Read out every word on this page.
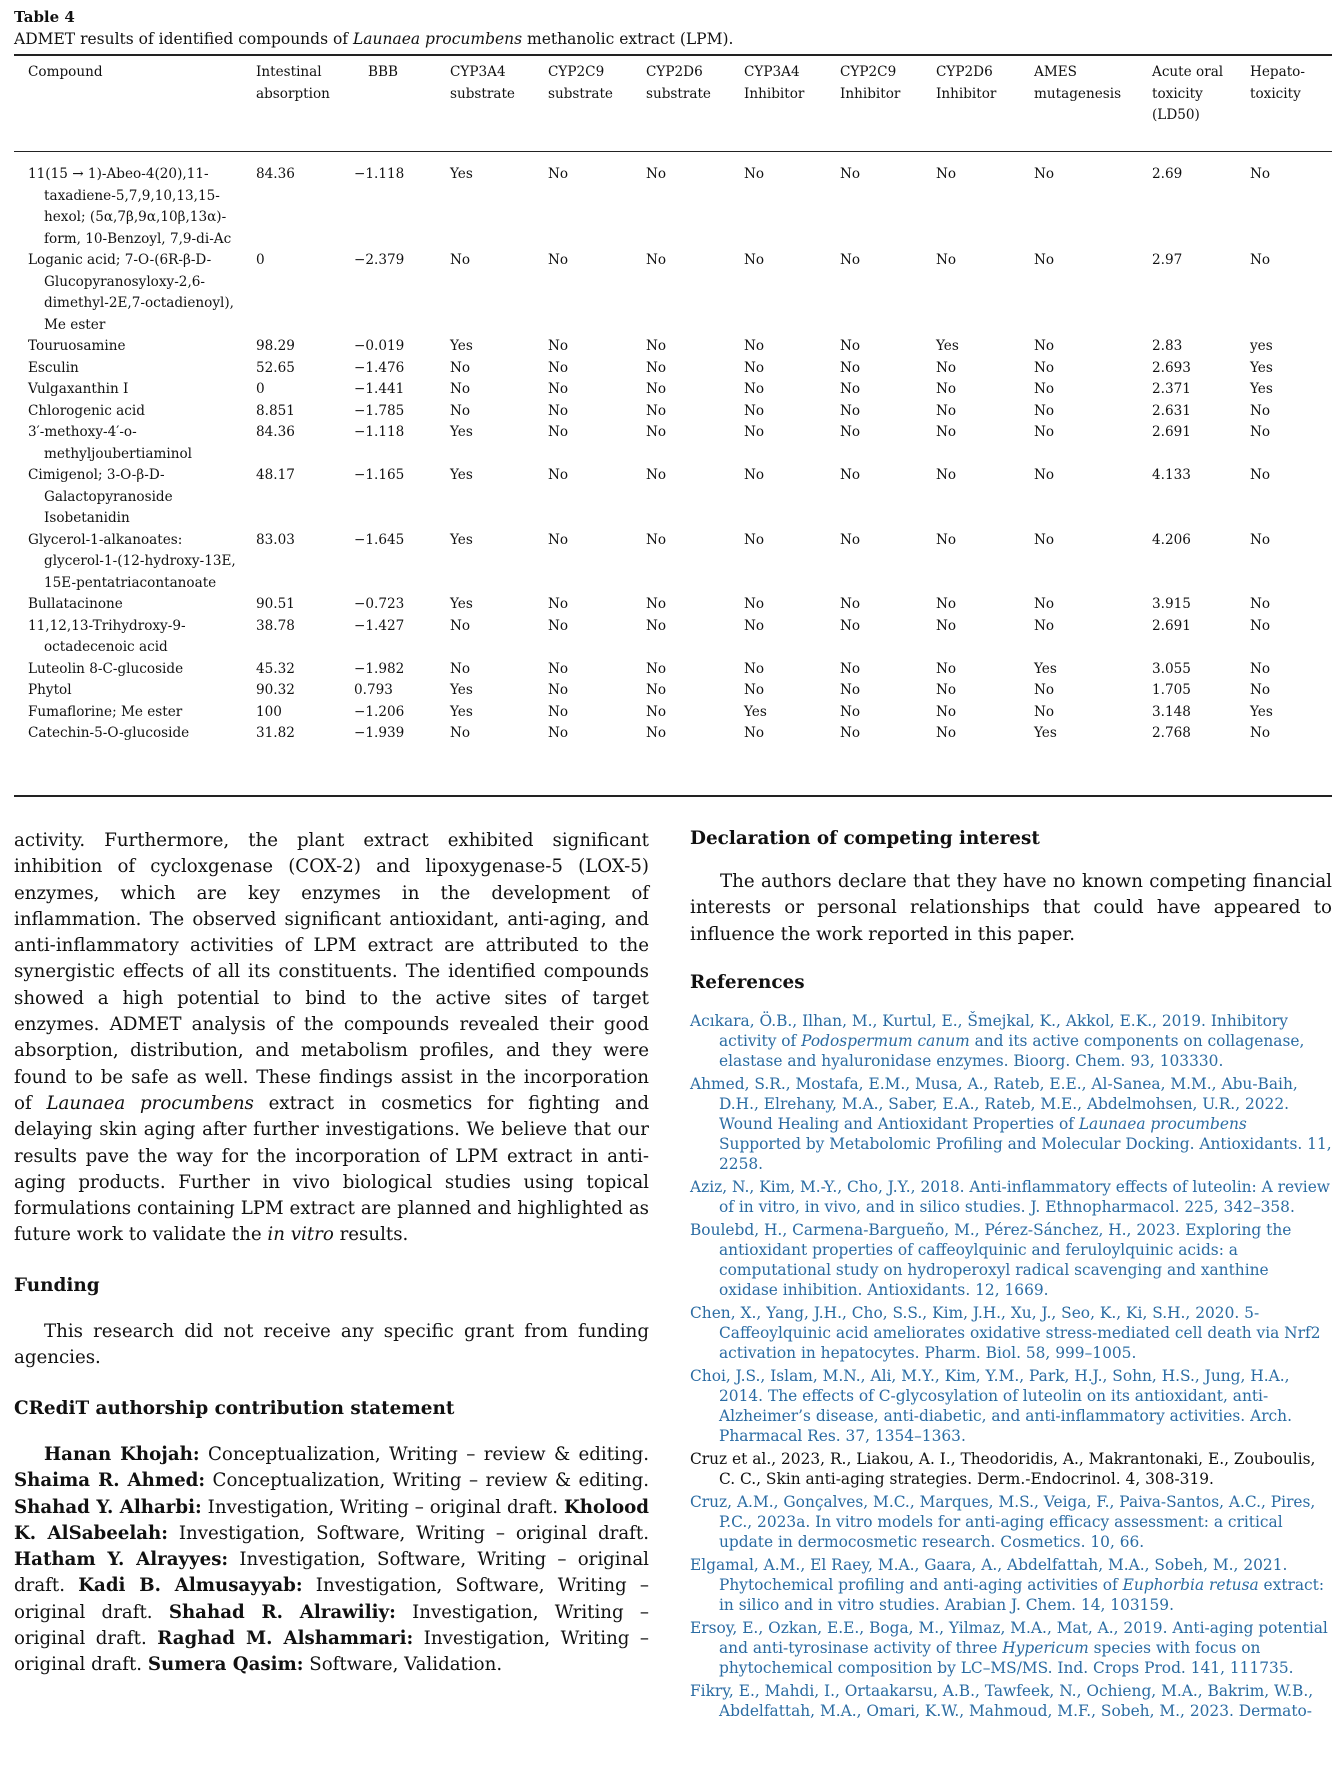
Table 4
ADMET results of identified compounds of Launaea procumbens methanolic extract (LPM).
Compound	Intestinal absorption	BBB	CYP3A4 substrate	CYP2C9 substrate	CYP2D6 substrate	CYP3A4 Inhibitor	CYP2C9 Inhibitor	CYP2D6 Inhibitor	AMES mutagenesis	Acute oral toxicity (LD50)	Hepato-toxicity

11(15 → 1)-Abeo-4(20),11-taxadiene-5,7,9,10,13,15-hexol; (5α,7β,9α,10β,13α)-form, 10-Benzoyl, 7,9-di-Ac	84.36	−1.118	Yes	No	No	No	No	No	No	2.69	No

Loganic acid; 7-O-(6R-β-D-Glucopyranosyloxy-2,6-dimethyl-2E,7-octadienoyl), Me ester	0	−2.379	No	No	No	No	No	No	No	2.97	No

Touruosamine	98.29	−0.019	Yes	No	No	No	No	Yes	No	2.83	yes

Esculin	52.65	−1.476	No	No	No	No	No	No	No	2.693	Yes

Vulgaxanthin I	0	−1.441	No	No	No	No	No	No	No	2.371	Yes

Chlorogenic acid	8.851	−1.785	No	No	No	No	No	No	No	2.631	No

3′-methoxy-4′-o-methyljoubertiaminol	84.36	−1.118	Yes	No	No	No	No	No	No	2.691	No

Cimigenol; 3-O-β-D-Galactopyranoside Isobetanidin	48.17	−1.165	Yes	No	No	No	No	No	No	4.133	No

Glycerol-1-alkanoates: glycerol-1-(12-hydroxy-13E, 15E-pentatriacontanoate	83.03	−1.645	Yes	No	No	No	No	No	No	4.206	No

Bullatacinone	90.51	−0.723	Yes	No	No	No	No	No	No	3.915	No

11,12,13-Trihydroxy-9-octadecenoic acid	38.78	−1.427	No	No	No	No	No	No	No	2.691	No

Luteolin 8-C-glucoside	45.32	−1.982	No	No	No	No	No	No	Yes	3.055	No

Phytol	90.32	0.793	Yes	No	No	No	No	No	No	1.705	No

Fumaflorine; Me ester	100	−1.206	Yes	No	No	Yes	No	No	No	3.148	Yes

Catechin-5-O-glucoside	31.82	−1.939	No	No	No	No	No	No	Yes	2.768	No

activity. Furthermore, the plant extract exhibited significant inhibition of cycloxgenase (COX-2) and lipoxygenase-5 (LOX-5) enzymes, which are key enzymes in the development of inflammation. The observed significant antioxidant, anti-aging, and anti-inflammatory activities of LPM extract are attributed to the synergistic effects of all its constituents. The identified compounds showed a high potential to bind to the active sites of target enzymes. ADMET analysis of the compounds revealed their good absorption, distribution, and metabolism profiles, and they were found to be safe as well. These findings assist in the incorporation of Launaea procumbens extract in cosmetics for fighting and delaying skin aging after further investigations. We believe that our results pave the way for the incorporation of LPM extract in anti-aging products. Further in vivo biological studies using topical formulations containing LPM extract are planned and highlighted as future work to validate the in vitro results.

Funding

This research did not receive any specific grant from funding agencies.

CRediT authorship contribution statement

Hanan Khojah: Conceptualization, Writing – review & editing. Shaima R. Ahmed: Conceptualization, Writing – review & editing. Shahad Y. Alharbi: Investigation, Writing – original draft. Kholood K. AlSabeelah: Investigation, Software, Writing – original draft. Hatham Y. Alrayyes: Investigation, Software, Writing – original draft. Kadi B. Almusayyab: Investigation, Software, Writing – original draft. Shahad R. Alrawiliy: Investigation, Writing – original draft. Raghad M. Alshammari: Investigation, Writing – original draft. Sumera Qasim: Software, Validation.

Declaration of competing interest

The authors declare that they have no known competing financial interests or personal relationships that could have appeared to influence the work reported in this paper.

References

Acıkara, Ö.B., Ilhan, M., Kurtul, E., Šmejkal, K., Akkol, E.K., 2019. Inhibitory activity of Podospermum canum and its active components on collagenase, elastase and hyaluronidase enzymes. Bioorg. Chem. 93, 103330.

Ahmed, S.R., Mostafa, E.M., Musa, A., Rateb, E.E., Al-Sanea, M.M., Abu-Baih, D.H., Elrehany, M.A., Saber, E.A., Rateb, M.E., Abdelmohsen, U.R., 2022. Wound Healing and Antioxidant Properties of Launaea procumbens Supported by Metabolomic Profiling and Molecular Docking. Antioxidants. 11, 2258.

Aziz, N., Kim, M.-Y., Cho, J.Y., 2018. Anti-inflammatory effects of luteolin: A review of in vitro, in vivo, and in silico studies. J. Ethnopharmacol. 225, 342–358.

Boulebd, H., Carmena-Bargueño, M., Pérez-Sánchez, H., 2023. Exploring the antioxidant properties of caffeoylquinic and feruloylquinic acids: a computational study on hydroperoxyl radical scavenging and xanthine oxidase inhibition. Antioxidants. 12, 1669.

Chen, X., Yang, J.H., Cho, S.S., Kim, J.H., Xu, J., Seo, K., Ki, S.H., 2020. 5-Caffeoylquinic acid ameliorates oxidative stress-mediated cell death via Nrf2 activation in hepatocytes. Pharm. Biol. 58, 999–1005.

Choi, J.S., Islam, M.N., Ali, M.Y., Kim, Y.M., Park, H.J., Sohn, H.S., Jung, H.A., 2014. The effects of C-glycosylation of luteolin on its antioxidant, anti-Alzheimer’s disease, anti-diabetic, and anti-inflammatory activities. Arch. Pharmacal Res. 37, 1354–1363.

Cruz et al., 2023, R., Liakou, A. I., Theodoridis, A., Makrantonaki, E., Zouboulis, C. C., Skin anti-aging strategies. Derm.-Endocrinol. 4, 308-319.

Cruz, A.M., Gonçalves, M.C., Marques, M.S., Veiga, F., Paiva-Santos, A.C., Pires, P.C., 2023a. In vitro models for anti-aging efficacy assessment: a critical update in dermocosmetic research. Cosmetics. 10, 66.

Elgamal, A.M., El Raey, M.A., Gaara, A., Abdelfattah, M.A., Sobeh, M., 2021. Phytochemical profiling and anti-aging activities of Euphorbia retusa extract: in silico and in vitro studies. Arabian J. Chem. 14, 103159.

Ersoy, E., Ozkan, E.E., Boga, M., Yilmaz, M.A., Mat, A., 2019. Anti-aging potential and anti-tyrosinase activity of three Hypericum species with focus on phytochemical composition by LC–MS/MS. Ind. Crops Prod. 141, 111735.

Fikry, E., Mahdi, I., Ortaakarsu, A.B., Tawfeek, N., Ochieng, M.A., Bakrim, W.B., Abdelfattah, M.A., Omari, K.W., Mahmoud, M.F., Sobeh, M., 2023. Dermato-
